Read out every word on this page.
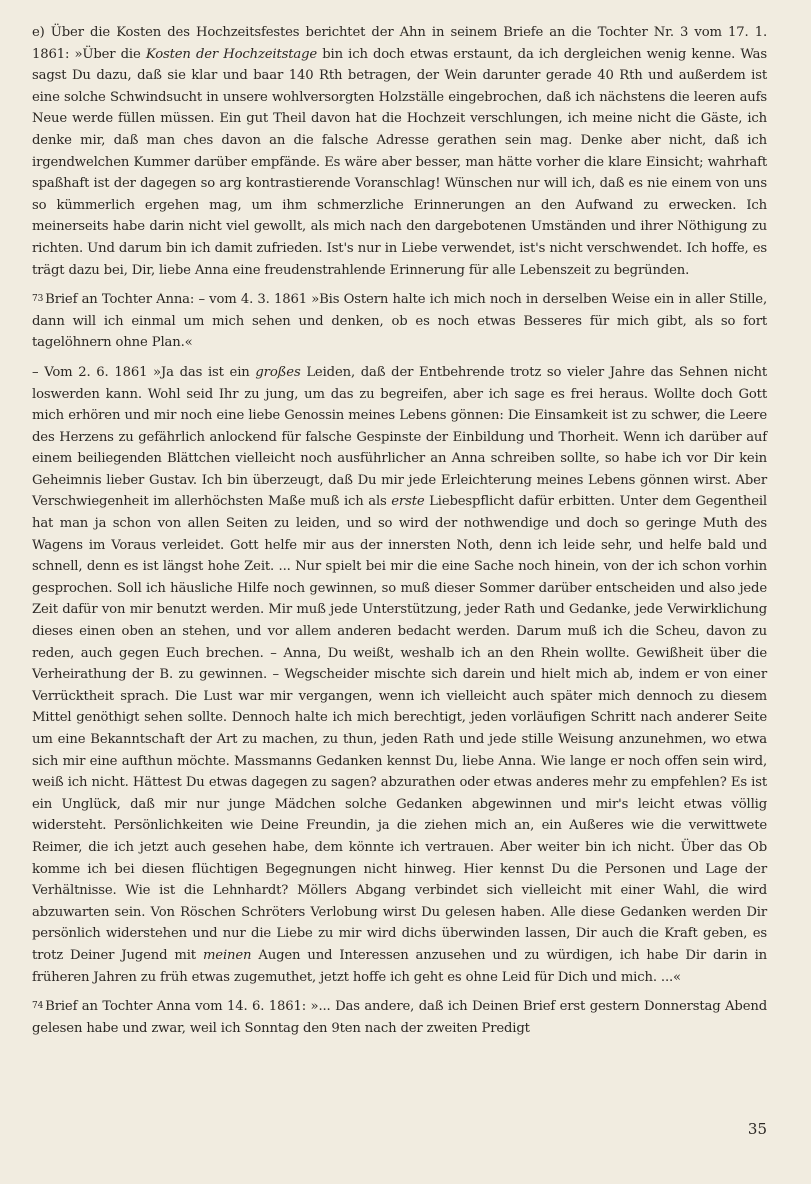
e) Über die Kosten des Hochzeitsfestes berichtet der Ahn in seinem Briefe an die Tochter Nr. 3 vom 17. 1. 1861: »Über die Kosten der Hochzeitstage bin ich doch etwas erstaunt, da ich dergleichen wenig kenne. Was sagst Du dazu, daß sie klar und baar 140 Rth betragen, der Wein darunter gerade 40 Rth und außerdem ist eine solche Schwindsucht in unsere wohlversorgten Holzställe eingebrochen, daß ich nächstens die leeren aufs Neue werde füllen müssen. Ein gut Theil davon hat die Hochzeit verschlungen, ich meine nicht die Gäste, ich denke mir, daß man ches davon an die falsche Adresse gerathen sein mag. Denke aber nicht, daß ich irgendwelchen Kummer darüber empfände. Es wäre aber besser, man hätte vorher die klare Einsicht; wahrhaft spaßhaft ist der dagegen so arg kontrastierende Voranschlag! Wünschen nur will ich, daß es nie einem von uns so kümmerlich ergehen mag, um ihm schmerzliche Erinnerungen an den Aufwand zu erwecken. Ich meinerseits habe darin nicht viel gewollt, als mich nach den dargebotenen Umständen und ihrer Nöthigung zu richten. Und darum bin ich damit zufrieden. Ist's nur in Liebe verwendet, ist's nicht verschwendet. Ich hoffe, es trägt dazu bei, Dir, liebe Anna eine freudenstrahlende Erinnerung für alle Lebenszeit zu begründen.

$^{73}$ Brief an Tochter Anna: – vom 4. 3. 1861 »Bis Ostern halte ich mich noch in derselben Weise ein in aller Stille, dann will ich einmal um mich sehen und denken, ob es noch etwas Besseres für mich gibt, als so fort tagelöhnern ohne Plan.«

– Vom 2. 6. 1861 »Ja das ist ein großes Leiden, daß der Entbehrende trotz so vieler Jahre das Sehnen nicht loswerden kann. Wohl seid Ihr zu jung, um das zu begreifen, aber ich sage es frei heraus. Wollte doch Gott mich erhören und mir noch eine liebe Genossin meines Lebens gönnen: Die Einsamkeit ist zu schwer, die Leere des Herzens zu gefährlich anlockend für falsche Gespinste der Einbildung und Thorheit. Wenn ich darüber auf einem beiliegenden Blättchen vielleicht noch ausführlicher an Anna schreiben sollte, so habe ich vor Dir kein Geheimnis lieber Gustav. Ich bin überzeugt, daß Du mir jede Erleichterung meines Lebens gönnen wirst. Aber Verschwiegenheit im allerhöchsten Maße muß ich als erste Liebespflicht dafür erbitten. Unter dem Gegentheil hat man ja schon von allen Seiten zu leiden, und so wird der nothwendige und doch so geringe Muth des Wagens im Voraus verleidet. Gott helfe mir aus der innersten Noth, denn ich leide sehr, und helfe bald und schnell, denn es ist längst hohe Zeit. ... Nur spielt bei mir die eine Sache noch hinein, von der ich schon vorhin gesprochen. Soll ich häusliche Hilfe noch gewinnen, so muß dieser Sommer darüber entscheiden und also jede Zeit dafür von mir benutzt werden. Mir muß jede Unterstützung, jeder Rath und Gedanke, jede Verwirklichung dieses einen oben an stehen, und vor allem anderen bedacht werden. Darum muß ich die Scheu, davon zu reden, auch gegen Euch brechen. – Anna, Du weißt, weshalb ich an den Rhein wollte. Gewißheit über die Verheirathung der B. zu gewinnen. – Wegscheider mischte sich darein und hielt mich ab, indem er von einer Verrücktheit sprach. Die Lust war mir vergangen, wenn ich vielleicht auch später mich dennoch zu diesem Mittel genöthigt sehen sollte. Dennoch halte ich mich berechtigt, jeden vorläufigen Schritt nach anderer Seite um eine Bekanntschaft der Art zu machen, zu thun, jeden Rath und jede stille Weisung anzunehmen, wo etwa sich mir eine aufthun möchte. Massmanns Gedanken kennst Du, liebe Anna. Wie lange er noch offen sein wird, weiß ich nicht. Hättest Du etwas dagegen zu sagen? abzurathen oder etwas anderes mehr zu empfehlen? Es ist ein Unglück, daß mir nur junge Mädchen solche Gedanken abgewinnen und mir's leicht etwas völlig widersteht. Persönlichkeiten wie Deine Freundin, ja die ziehen mich an, ein Außeres wie die verwittwete Reimer, die ich jetzt auch gesehen habe, dem könnte ich vertrauen. Aber weiter bin ich nicht. Über das Ob komme ich bei diesen flüchtigen Begegnungen nicht hinweg. Hier kennst Du die Personen und Lage der Verhältnisse. Wie ist die Lehnhardt? Möllers Abgang verbindet sich vielleicht mit einer Wahl, die wird abzuwarten sein. Von Röschen Schröters Verlobung wirst Du gelesen haben. Alle diese Gedanken werden Dir persönlich widerstehen und nur die Liebe zu mir wird dichs überwinden lassen, Dir auch die Kraft geben, es trotz Deiner Jugend mit meinen Augen und Interessen anzusehen und zu würdigen, ich habe Dir darin in früheren Jahren zu früh etwas zugemuthet, jetzt hoffe ich geht es ohne Leid für Dich und mich. ...«

$^{74}$ Brief an Tochter Anna vom 14. 6. 1861: »... Das andere, daß ich Deinen Brief erst gestern Donnerstag Abend gelesen habe und zwar, weil ich Sonntag den 9ten nach der zweiten Predigt

35
